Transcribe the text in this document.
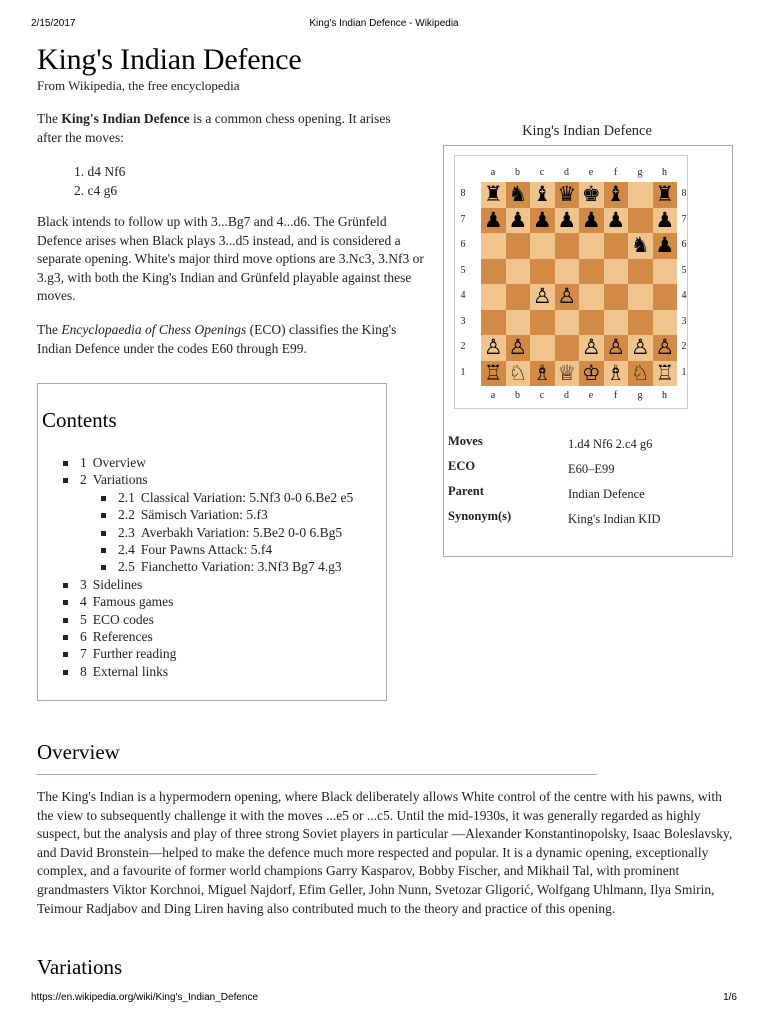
2/15/2017	King's Indian Defence - Wikipedia
King's Indian Defence
From Wikipedia, the free encyclopedia
The King's Indian Defence is a common chess opening. It arises after the moves:
1. d4 Nf6
2. c4 g6
Black intends to follow up with 3...Bg7 and 4...d6. The Grünfeld Defence arises when Black plays 3...d5 instead, and is considered a separate opening. White's major third move options are 3.Nc3, 3.Nf3 or 3.g3, with both the King's Indian and Grünfeld playable against these moves.
The Encyclopaedia of Chess Openings (ECO) classifies the King's Indian Defence under the codes E60 through E99.
Contents
1 Overview
2 Variations
2.1 Classical Variation: 5.Nf3 0-0 6.Be2 e5
2.2 Sämisch Variation: 5.f3
2.3 Averbakh Variation: 5.Be2 0-0 6.Bg5
2.4 Four Pawns Attack: 5.f4
2.5 Fianchetto Variation: 3.Nf3 Bg7 4.g3
3 Sidelines
4 Famous games
5 ECO codes
6 References
7 Further reading
8 External links
King's Indian Defence
a	b	c	d	e	f	g	h
8
7
6
5
4
3
2
1
♜ ♞ ♝ ♛ ♚ ♝ ♜
♟ ♟ ♟ ♟ ♟ ♟ ♟
♞ ♟
♙ ♙
♙ ♙	♙ ♙ ♙ ♙
♖ ♘ ♗ ♕ ♔ ♗ ♘ ♖
8
7
6
5
4
3
2
1
a	b	c	d	e	f	g	h
Moves	1.d4 Nf6 2.c4 g6
ECO	E60–E99
Parent	Indian Defence
Synonym(s)	King's Indian KID
Overview
The King's Indian is a hypermodern opening, where Black deliberately allows White control of the centre with his pawns, with the view to subsequently challenge it with the moves ...e5 or ...c5. Until the mid-1930s, it was generally regarded as highly suspect, but the analysis and play of three strong Soviet players in particular —Alexander Konstantinopolsky, Isaac Boleslavsky, and David Bronstein—helped to make the defence much more respected and popular. It is a dynamic opening, exceptionally complex, and a favourite of former world champions Garry Kasparov, Bobby Fischer, and Mikhail Tal, with prominent grandmasters Viktor Korchnoi, Miguel Najdorf, Efim Geller, John Nunn, Svetozar Gligorić, Wolfgang Uhlmann, Ilya Smirin, Teimour Radjabov and Ding Liren having also contributed much to the theory and practice of this opening.
Variations
https://en.wikipedia.org/wiki/King's_Indian_Defence	1/6
